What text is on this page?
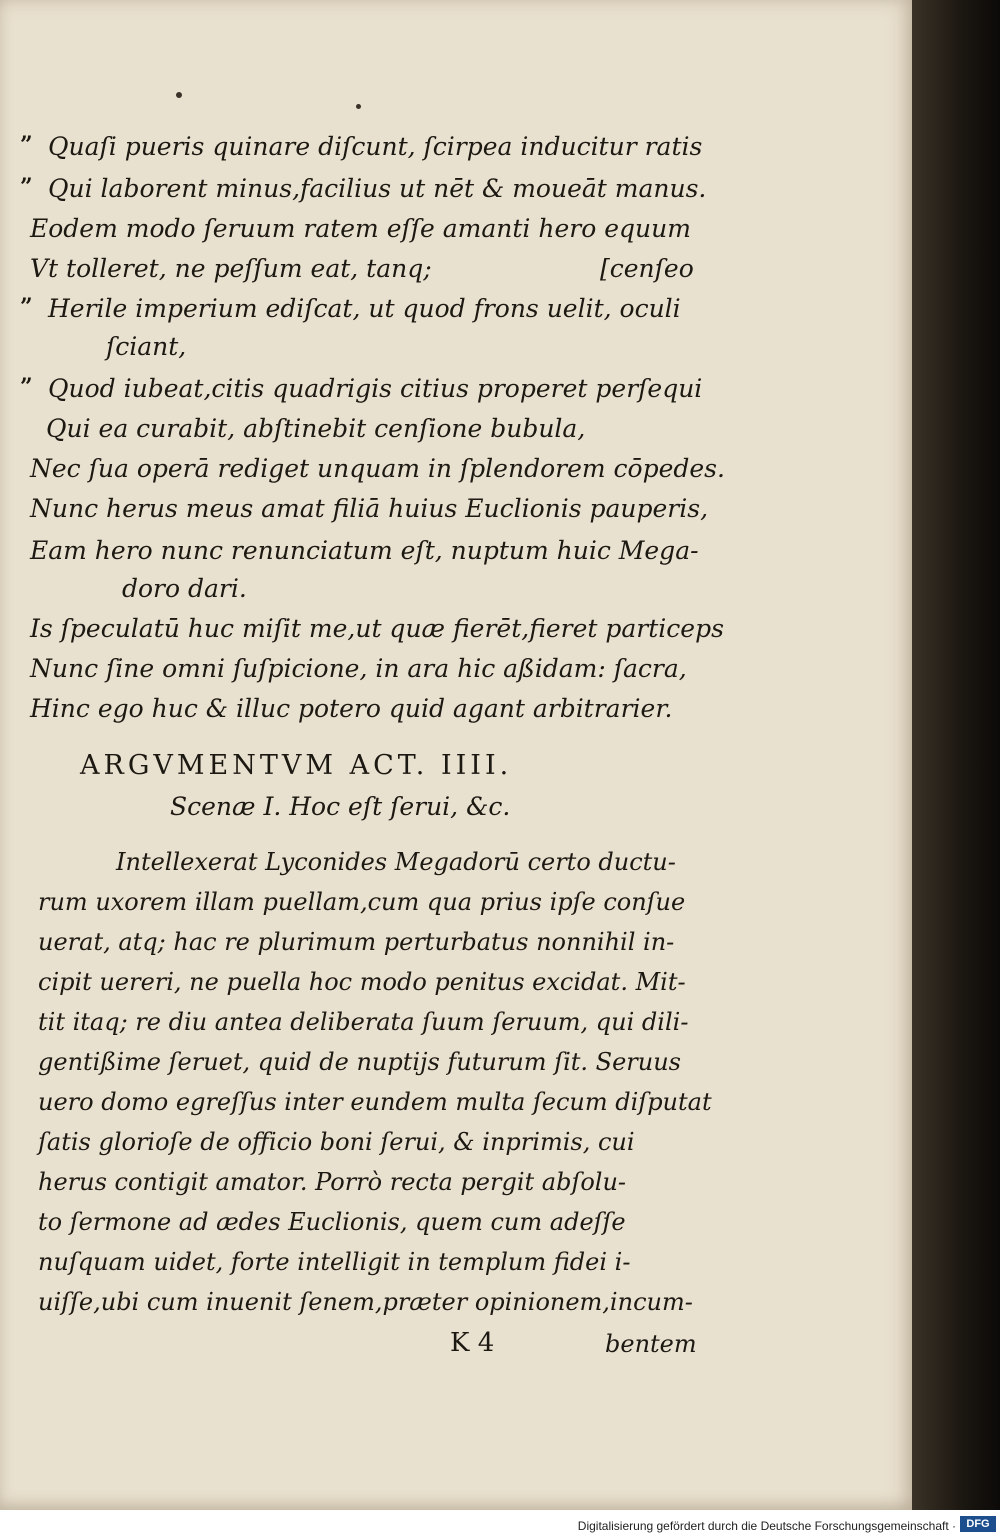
” Quaſi pueris quinare diſcunt, ſcirpea inducitur ratis
” Qui laborent minus,facilius ut nēt & moueāt manus.
Eodem modo ſeruum ratem eſſe amanti hero equum
Vt tolleret, ne peſſum eat, tanq;	[cenſeo
” Herile imperium ediſcat, ut quod frons uelit, oculi
ſciant,
” Quod iubeat,citis quadrigis citius properet perſequi
Qui ea curabit, abſtinebit cenſione bubula,
Nec ſua operā rediget unquam in ſplendorem cōpedes.
Nunc herus meus amat filiā huius Euclionis pauperis,
Eam hero nunc renunciatum eſt, nuptum huic Mega-
doro dari.
Is ſpeculatū huc miſit me,ut quæ fierēt,fieret particeps
Nunc ſine omni ſuſpicione, in ara hic aßidam: ſacra,
Hinc ego huc & illuc potero quid agant arbitrarier.
ARGVMENTVM ACT. IIII.
Scenæ I. Hoc eſt ſerui, &c.
Intellexerat Lyconides Megadorū certo ductu-
rum uxorem illam puellam,cum qua prius ipſe conſue
uerat, atq; hac re plurimum perturbatus nonnihil in-
cipit uereri, ne puella hoc modo penitus excidat. Mit-
tit itaq; re diu antea deliberata ſuum ſeruum, qui dili-
gentißime ſeruet, quid de nuptijs futurum ſit. Seruus
uero domo egreſſus inter eundem multa ſecum diſputat
ſatis glorioſe de officio boni ſerui, & inprimis, cui
herus contigit amator. Porrò recta pergit abſolu-
to ſermone ad ædes Euclionis, quem cum adeſſe
nuſquam uidet, forte intelligit in templum fidei i-
uiſſe,ubi cum inuenit ſenem,præter opinionem,incum-
K 4	bentem
Digitalisierung gefördert durch die Deutsche Forschungsgemeinschaft · DFG
